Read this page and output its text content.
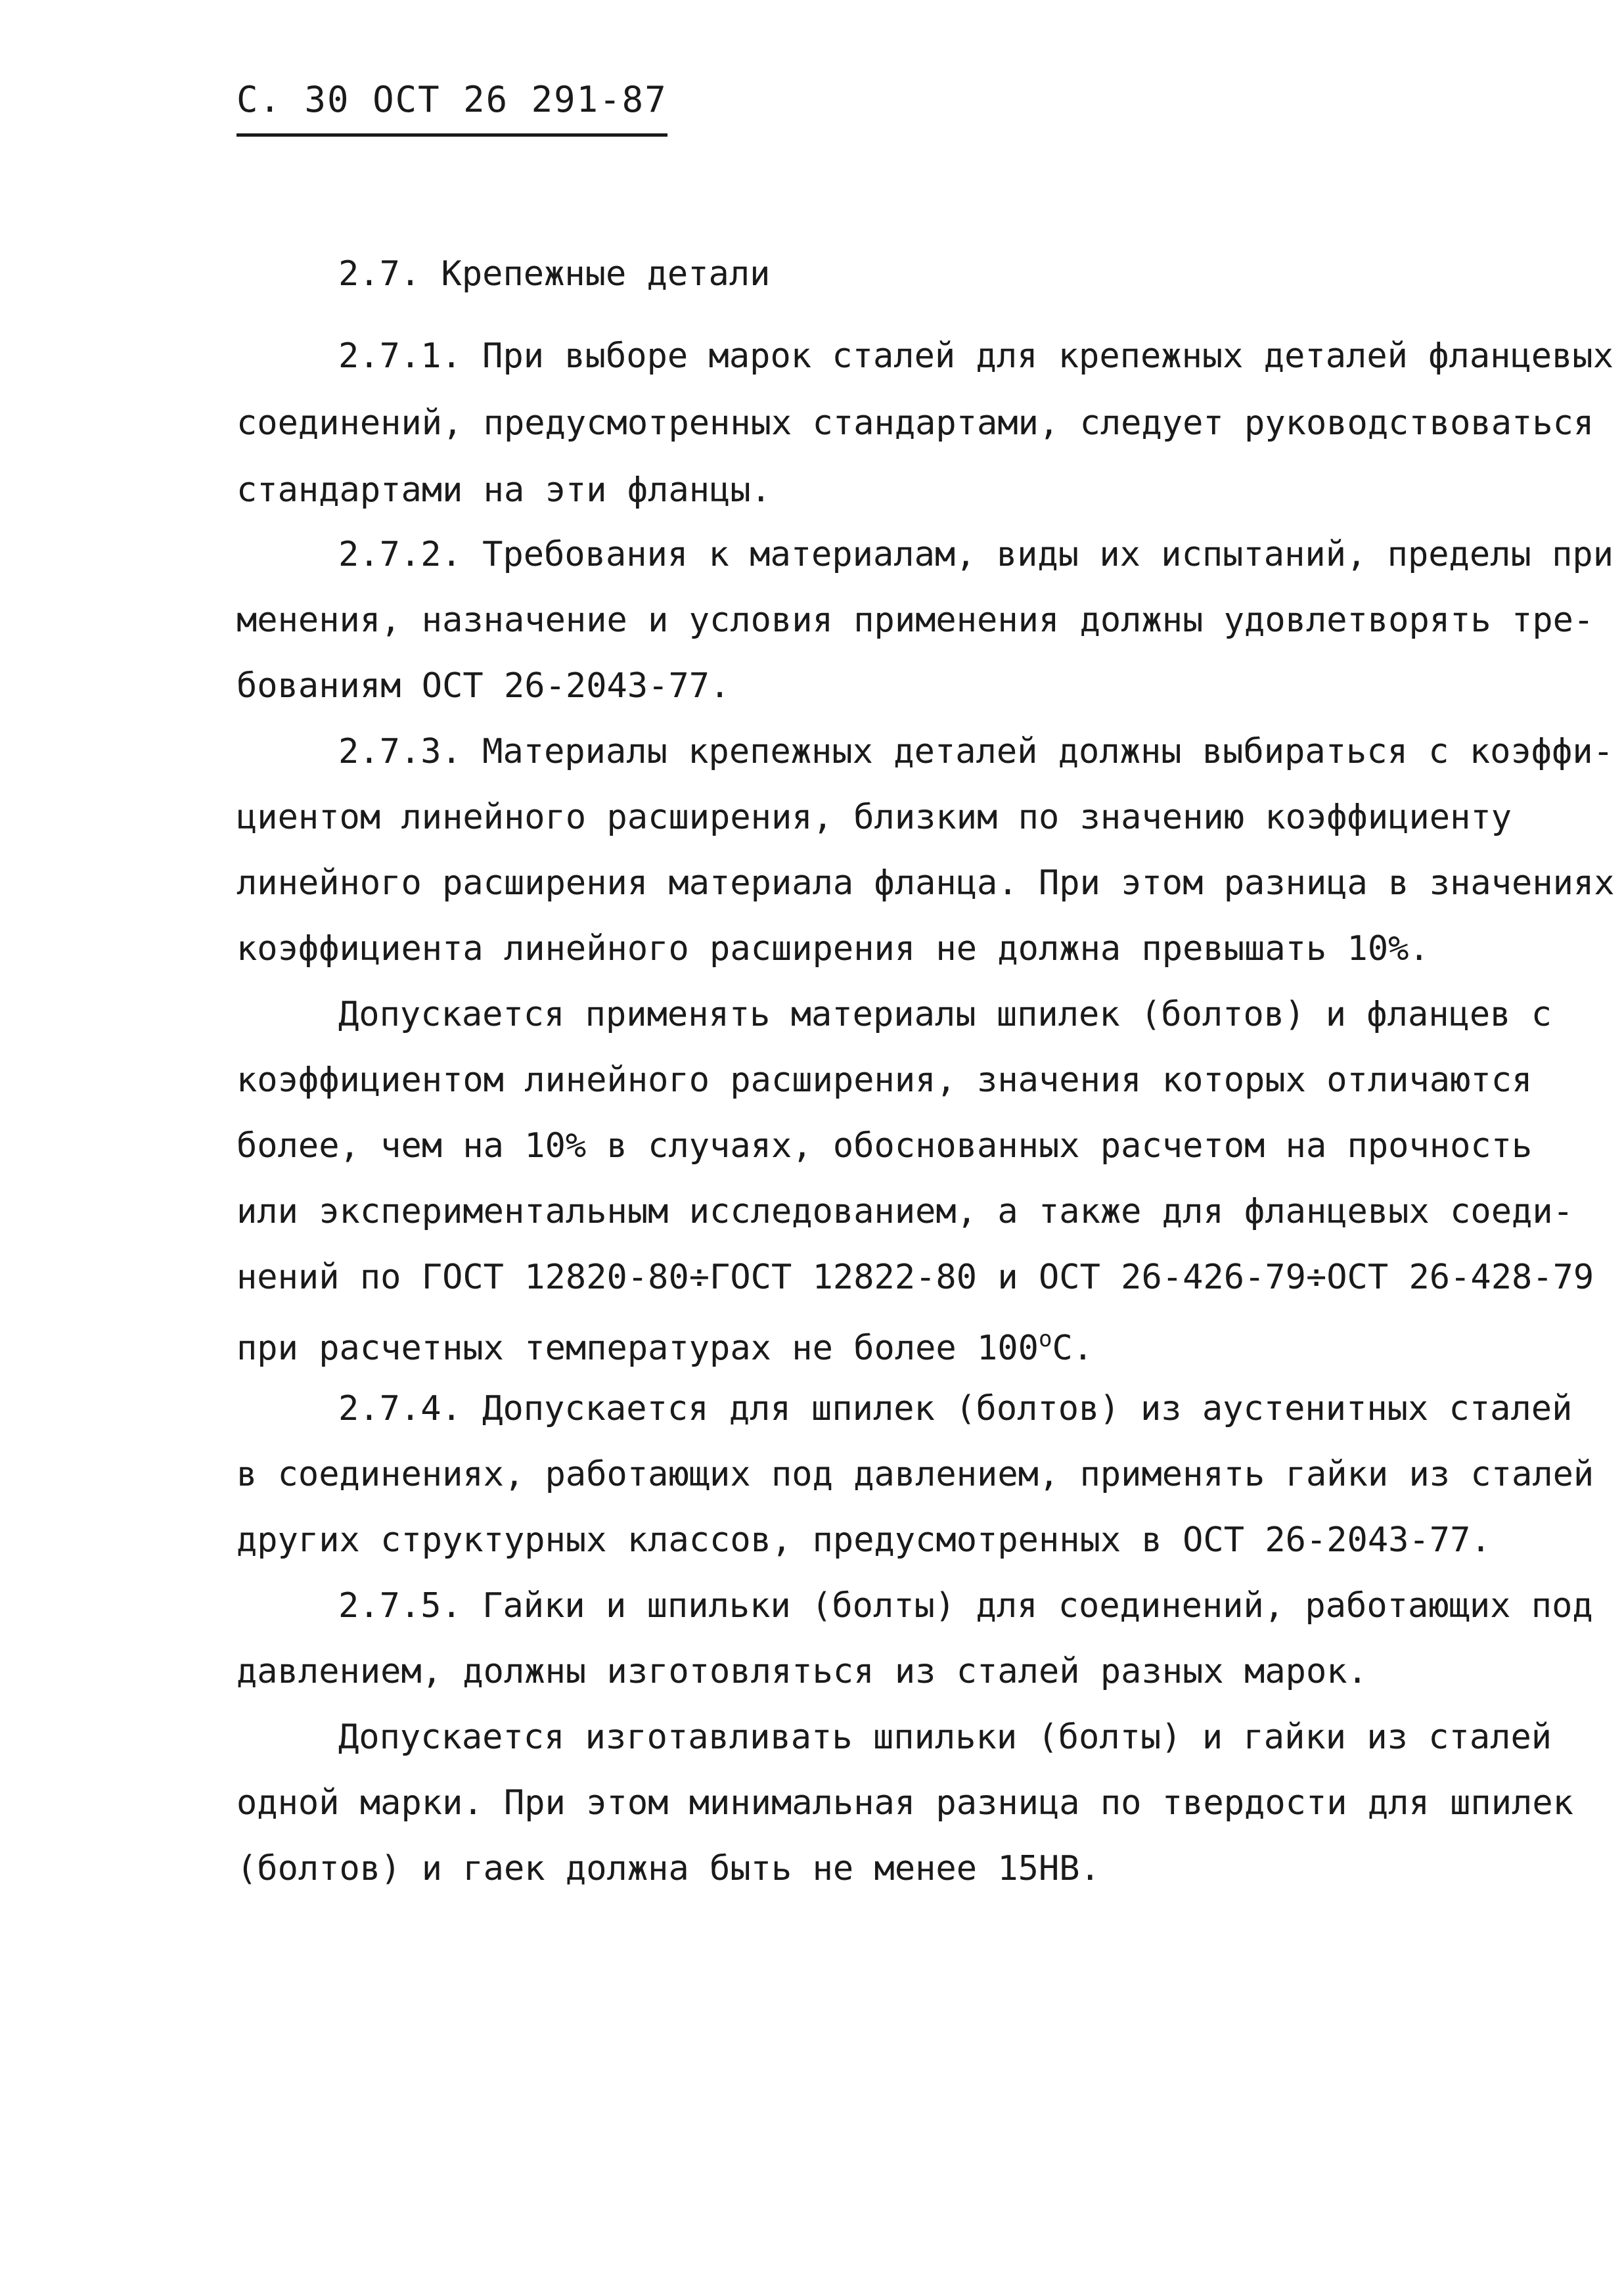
С. 30 ОСТ 26 291-87
2.7. Крепежные детали
2.7.1. При выборе марок сталей для крепежных деталей фланцевых
соединений, предусмотренных стандартами, следует руководствоваться
стандартами на эти фланцы.
2.7.2. Требования к материалам, виды их испытаний, пределы при
менения, назначение и условия применения должны удовлетворять тре-
бованиям ОСТ 26-2043-77.
2.7.3. Материалы крепежных деталей должны выбираться с коэффи-
циентом линейного расширения, близким по значению коэффициенту
линейного расширения материала фланца. При этом разница в значениях
коэффициента линейного расширения не должна превышать 10%.
Допускается применять материалы шпилек (болтов) и фланцев с
коэффициентом линейного расширения, значения которых отличаются
более, чем на 10% в случаях, обоснованных расчетом на прочность
или экспериментальным исследованием, а также для фланцевых соеди-
нений по ГОСТ 12820-80÷ГОСТ 12822-80 и ОСТ 26-426-79÷ОСТ 26-428-79
при расчетных температурах не более $100^оС$.
2.7.4. Допускается для шпилек (болтов) из аустенитных сталей
в соединениях, работающих под давлением, применять гайки из сталей
других структурных классов, предусмотренных в ОСТ 26-2043-77.
2.7.5. Гайки и шпильки (болты) для соединений, работающих под
давлением, должны изготовляться из сталей разных марок.
Допускается изготавливать шпильки (болты) и гайки из сталей
одной марки. При этом минимальная разница по твердости для шпилек
(болтов) и гаек должна быть не менее 15НВ.
